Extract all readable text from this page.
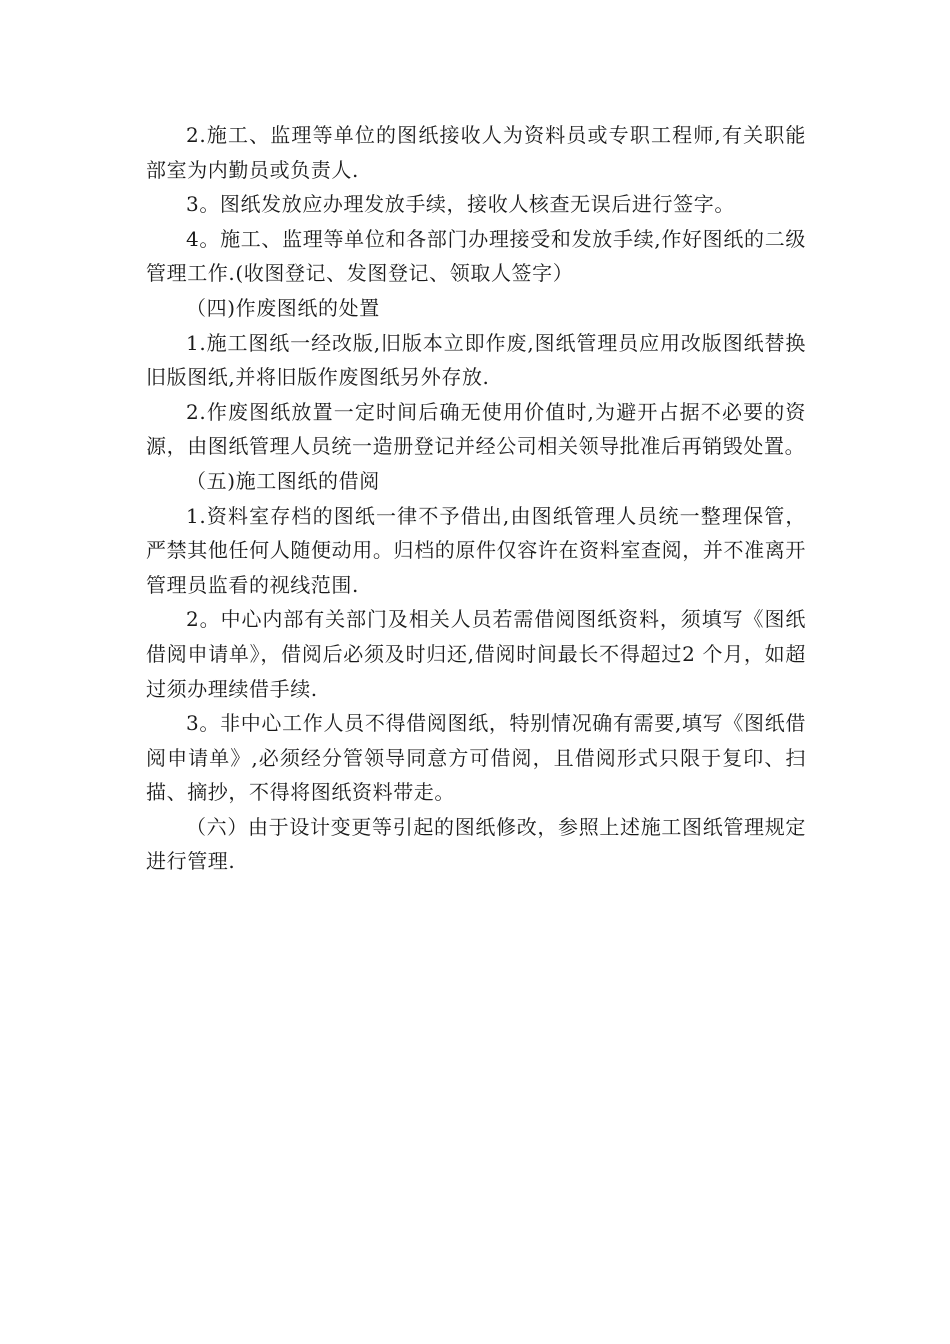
2.施工、监理等单位的图纸接收人为资料员或专职工程师,有关职能部室为内勤员或负责人.

3。图纸发放应办理发放手续，接收人核查无误后进行签字。

4。施工、监理等单位和各部门办理接受和发放手续,作好图纸的二级管理工作.(收图登记、发图登记、领取人签字）

（四)作废图纸的处置

1.施工图纸一经改版,旧版本立即作废,图纸管理员应用改版图纸替换旧版图纸,并将旧版作废图纸另外存放.

2.作废图纸放置一定时间后确无使用价值时,为避开占据不必要的资源，由图纸管理人员统一造册登记并经公司相关领导批准后再销毁处置。

（五)施工图纸的借阅

1.资料室存档的图纸一律不予借出,由图纸管理人员统一整理保管，严禁其他任何人随便动用。归档的原件仅容许在资料室查阅，并不准离开管理员监看的视线范围.

2。中心内部有关部门及相关人员若需借阅图纸资料，须填写《图纸借阅申请单》，借阅后必须及时归还,借阅时间最长不得超过2 个月，如超过须办理续借手续.

3。非中心工作人员不得借阅图纸，特别情况确有需要,填写《图纸借阅申请单》,必须经分管领导同意方可借阅，且借阅形式只限于复印、扫描、摘抄，不得将图纸资料带走。

（六）由于设计变更等引起的图纸修改，参照上述施工图纸管理规定进行管理.
